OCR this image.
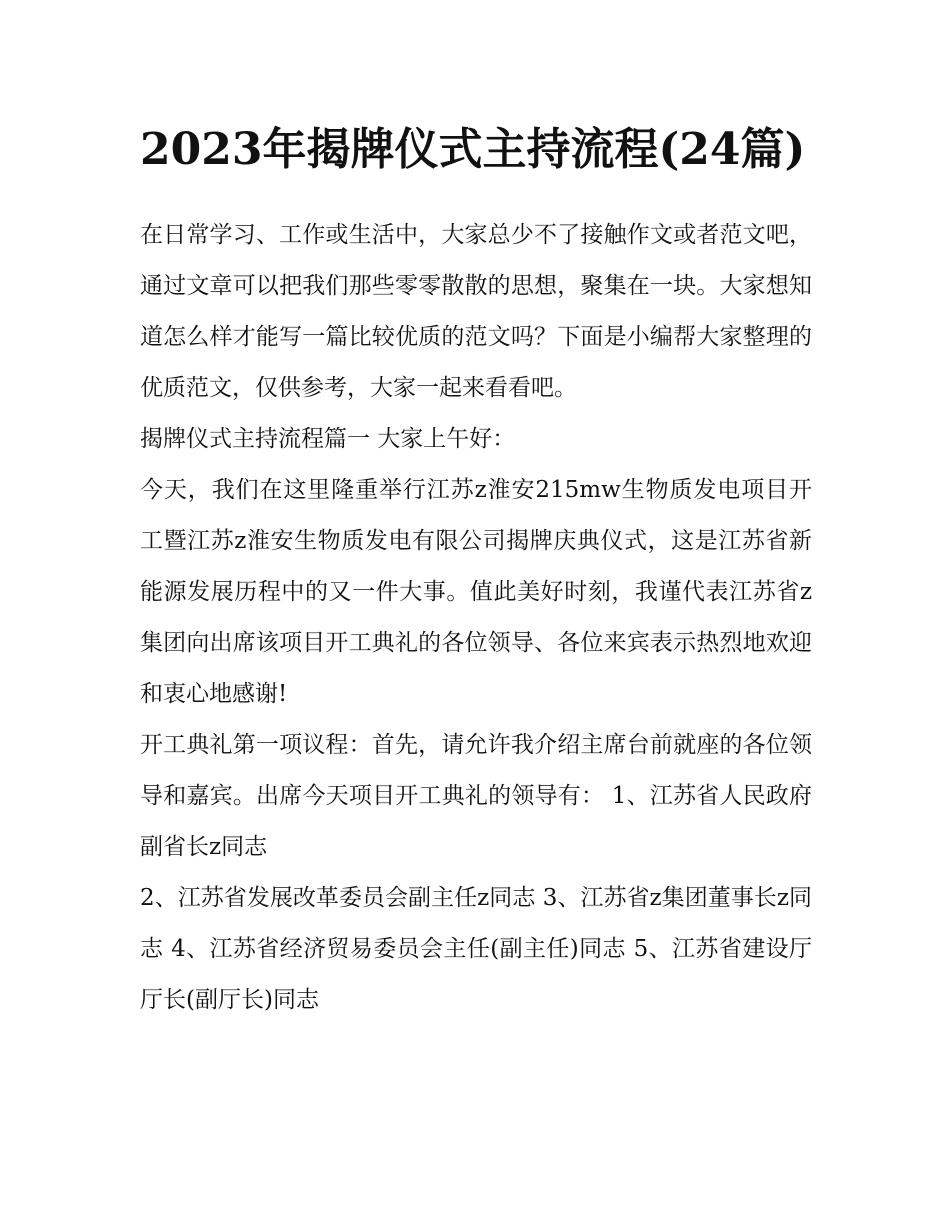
2023年揭牌仪式主持流程(24篇)

在日常学习、工作或生活中，大家总少不了接触作文或者范文吧，通过文章可以把我们那些零零散散的思想，聚集在一块。大家想知道怎么样才能写一篇比较优质的范文吗？下面是小编帮大家整理的优质范文，仅供参考，大家一起来看看吧。

揭牌仪式主持流程篇一 大家上午好：

今天，我们在这里隆重举行江苏z淮安215mw生物质发电项目开工暨江苏z淮安生物质发电有限公司揭牌庆典仪式，这是江苏省新能源发展历程中的又一件大事。值此美好时刻，我谨代表江苏省z集团向出席该项目开工典礼的各位领导、各位来宾表示热烈地欢迎和衷心地感谢!

开工典礼第一项议程：首先，请允许我介绍主席台前就座的各位领导和嘉宾。出席今天项目开工典礼的领导有： 1、江苏省人民政府副省长z同志

2、江苏省发展改革委员会副主任z同志 3、江苏省z集团董事长z同志 4、江苏省经济贸易委员会主任(副主任)同志 5、江苏省建设厅厅长(副厅长)同志
